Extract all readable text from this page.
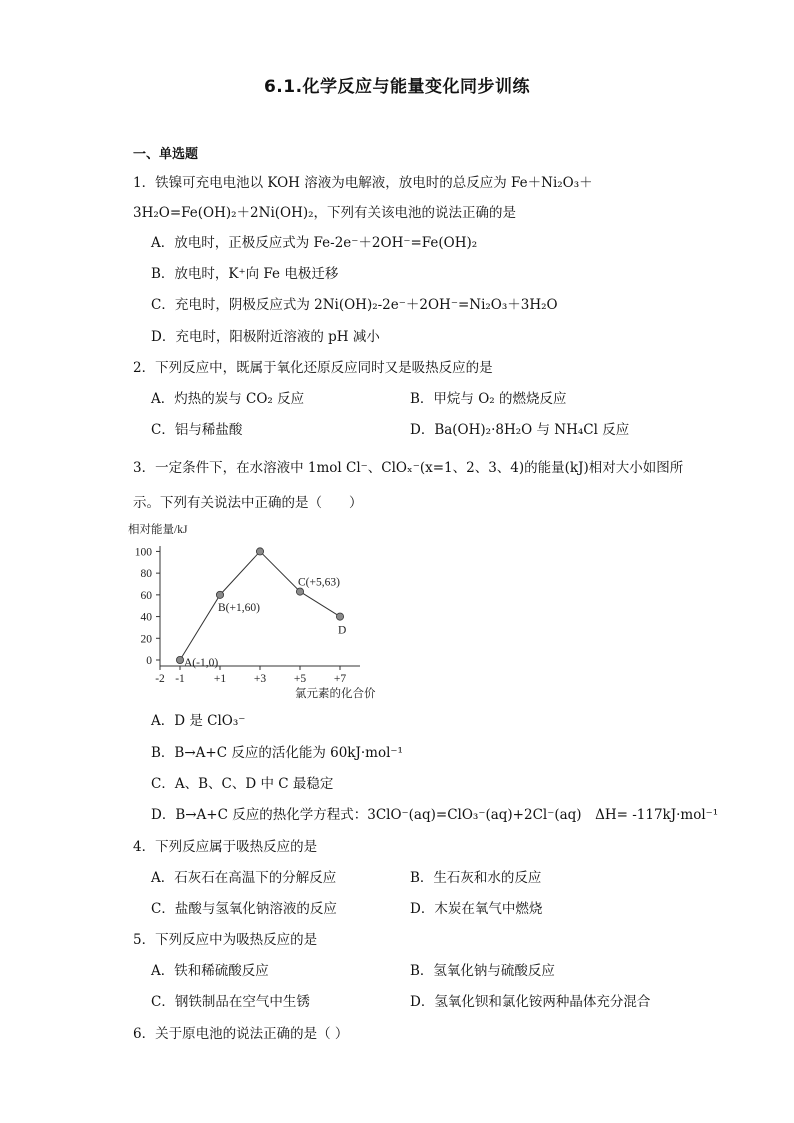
6.1.化学反应与能量变化同步训练
一、单选题
1．铁镍可充电电池以 KOH 溶液为电解液，放电时的总反应为 Fe＋Ni₂O₃＋
3H₂O=Fe(OH)₂＋2Ni(OH)₂，下列有关该电池的说法正确的是
A．放电时，正极反应式为 Fe-2e⁻＋2OH⁻=Fe(OH)₂
B．放电时，K⁺向 Fe 电极迁移
C．充电时，阴极反应式为 2Ni(OH)₂-2e⁻＋2OH⁻=Ni₂O₃＋3H₂O
D．充电时，阳极附近溶液的 pH 减小
2．下列反应中，既属于氧化还原反应同时又是吸热反应的是
A．灼热的炭与 CO₂ 反应	B．甲烷与 O₂ 的燃烧反应
C．铝与稀盐酸	D．Ba(OH)₂·8H₂O 与 NH₄Cl 反应
3．一定条件下，在水溶液中 1mol Cl⁻、ClOₓ⁻(x=1、2、3、4)的能量(kJ)相对大小如图所
示。下列有关说法中正确的是（　　）
相对能量/kJ
0
20
40
60
80
100
-2 -1	+1 +3 +5 +7
A(-1,0)
B(+1,60)
C(+5,63)
D
氯元素的化合价
A．D 是 ClO₃⁻
B．B→A+C 反应的活化能为 60kJ·mol⁻¹
C．A、B、C、D 中 C 最稳定
D．B→A+C 反应的热化学方程式：3ClO⁻(aq)=ClO₃⁻(aq)+2Cl⁻(aq)　ΔH= -117kJ·mol⁻¹
4．下列反应属于吸热反应的是
A．石灰石在高温下的分解反应	B．生石灰和水的反应
C．盐酸与氢氧化钠溶液的反应	D．木炭在氧气中燃烧
5．下列反应中为吸热反应的是
A．铁和稀硫酸反应	B．氢氧化钠与硫酸反应
C．钢铁制品在空气中生锈	D．氢氧化钡和氯化铵两种晶体充分混合
6．关于原电池的说法正确的是（ ）
